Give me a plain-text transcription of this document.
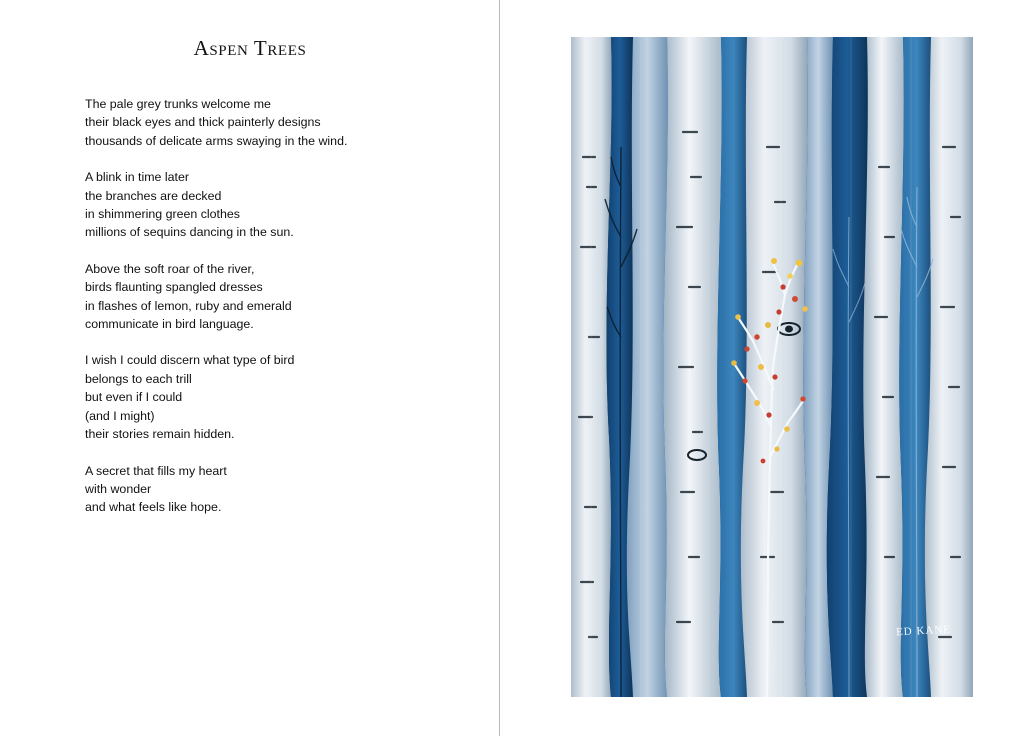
Aspen Trees

The pale grey trunks welcome me
their black eyes and thick painterly designs
thousands of delicate arms swaying in the wind.

A blink in time later
the branches are decked
in shimmering green clothes
millions of sequins dancing in the sun.

Above the soft roar of the river,
birds flaunting spangled dresses
in flashes of lemon, ruby and emerald
communicate in bird language.

I wish I could discern what type of bird
belongs to each trill
but even if I could
(and I might)
their stories remain hidden.

A secret that fills my heart
with wonder
and what feels like hope.

ED KANE
